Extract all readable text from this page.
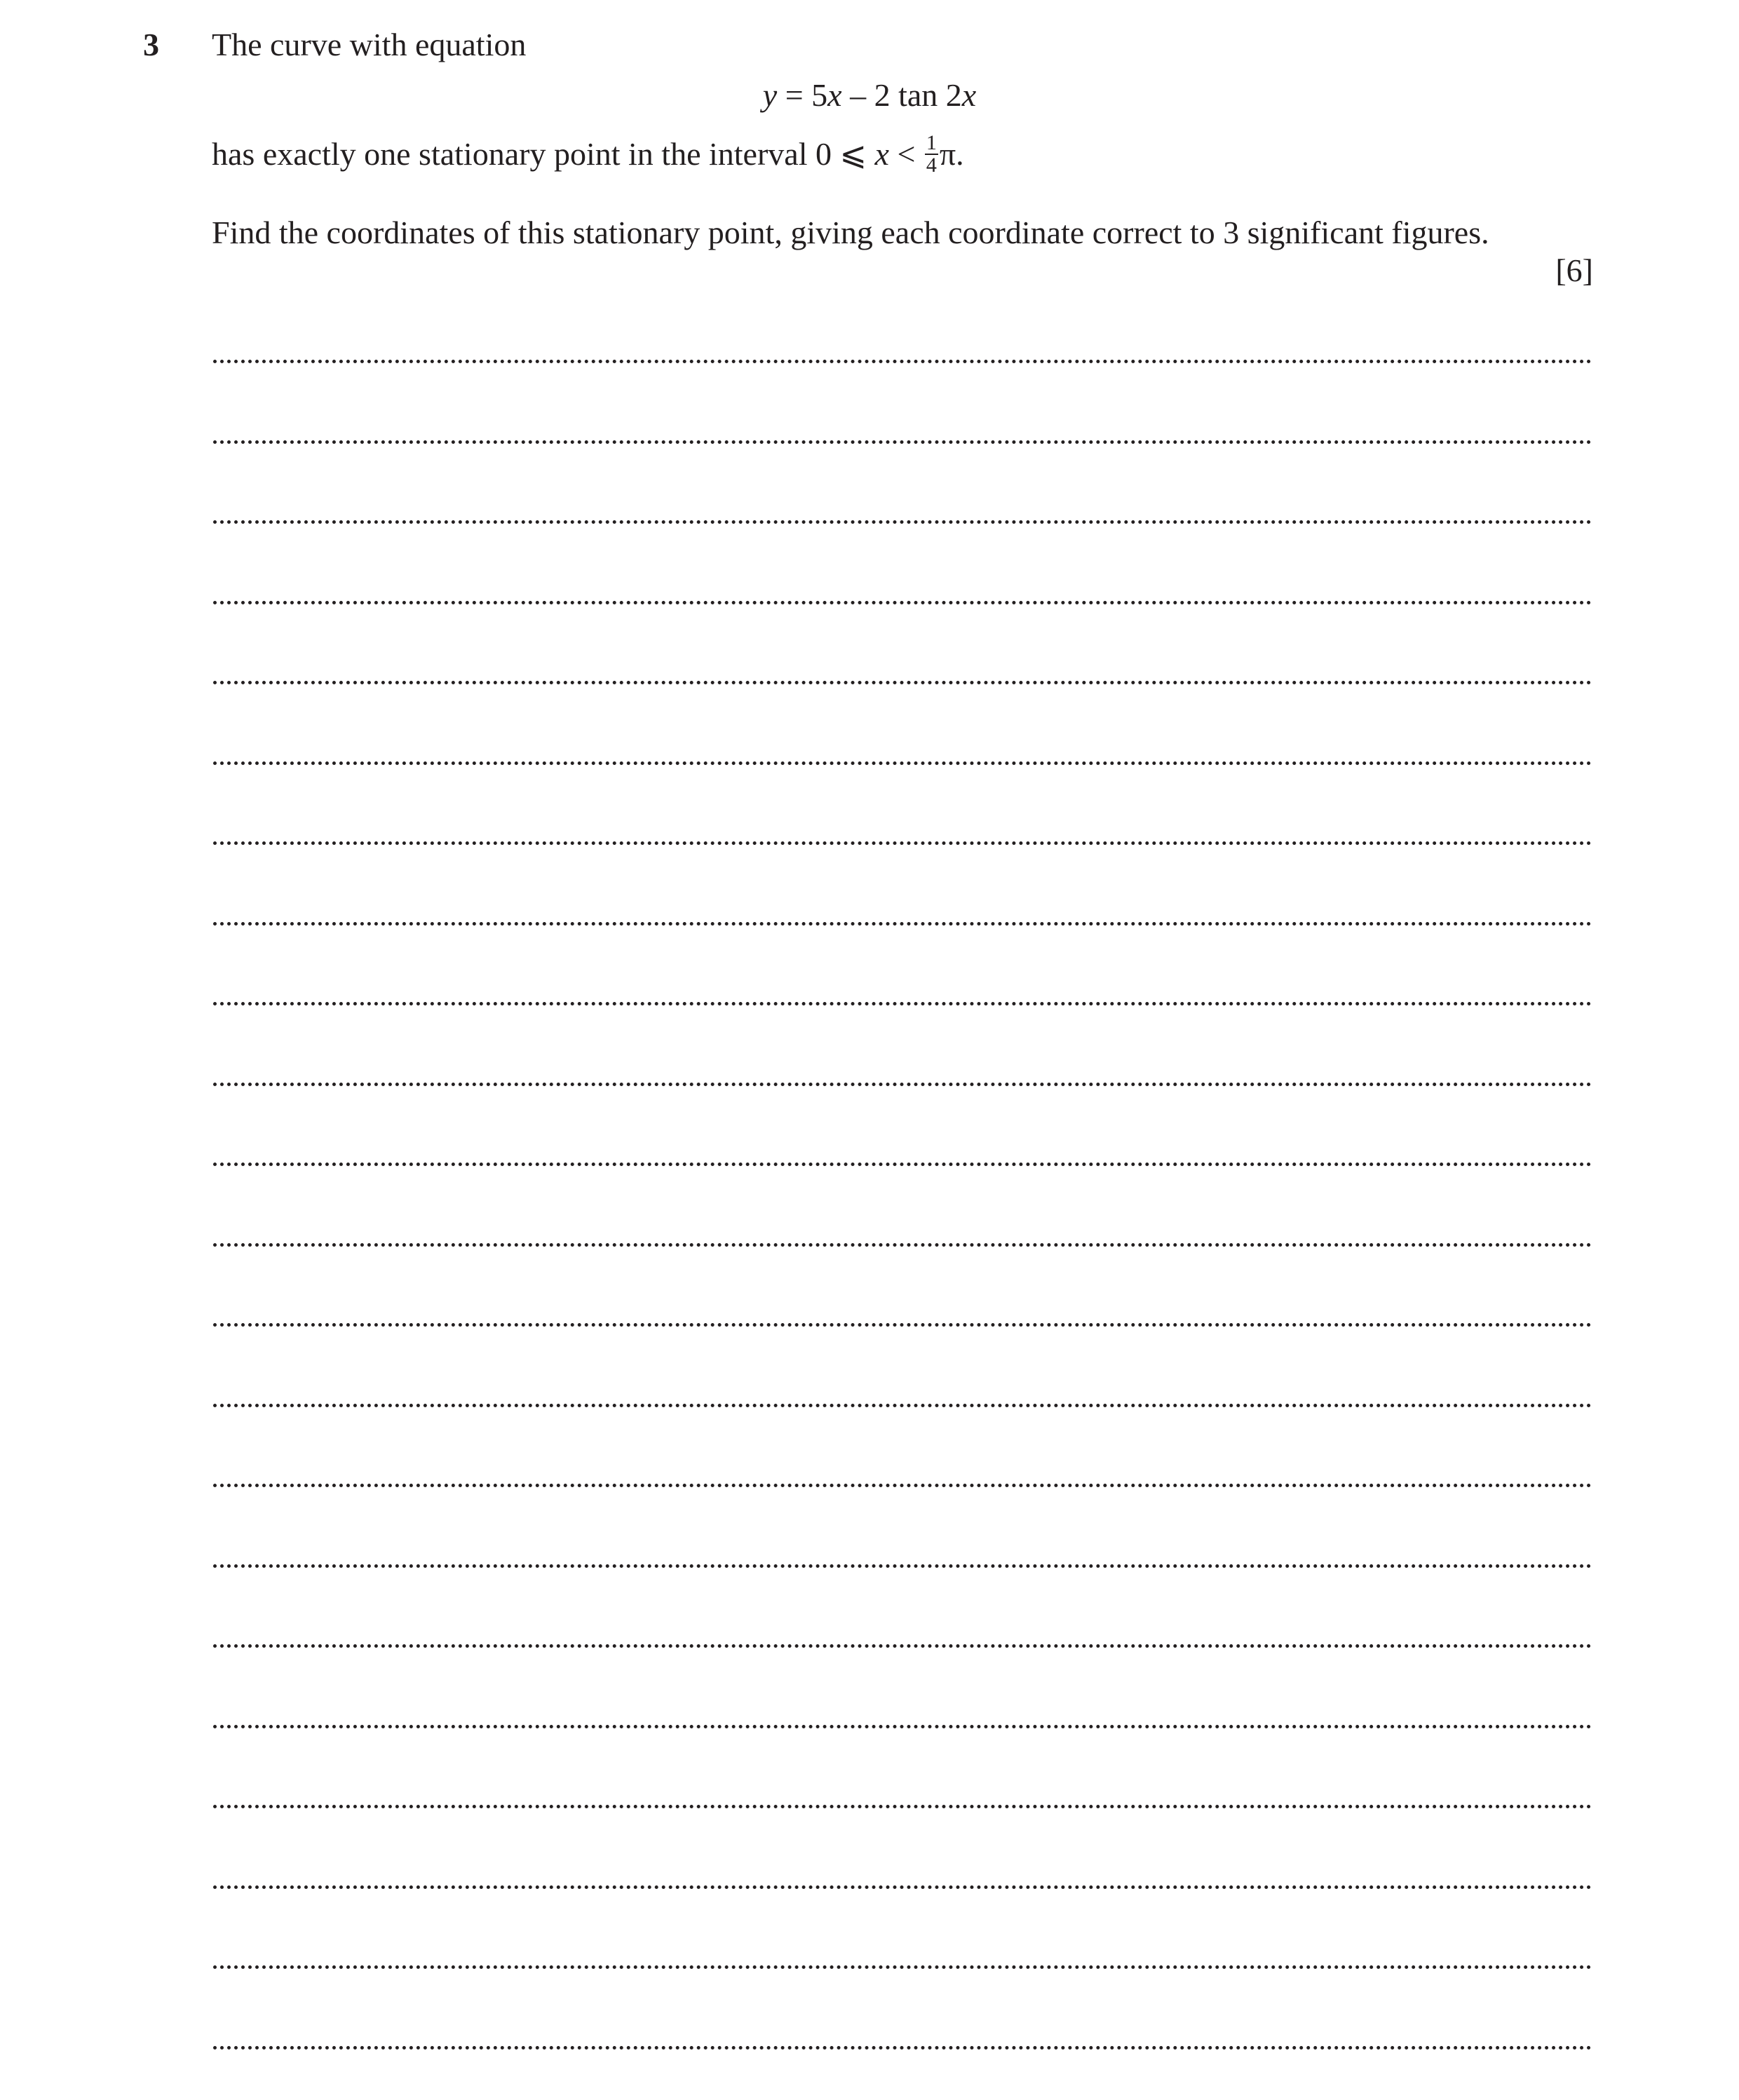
3 The curve with equation
y = 5x – 2 tan 2x
has exactly one stationary point in the interval 0 ⩽ $x < \frac{1}{4} \pi$.
Find the coordinates of this stationary point, giving each coordinate correct to 3 significant figures.
[6]
